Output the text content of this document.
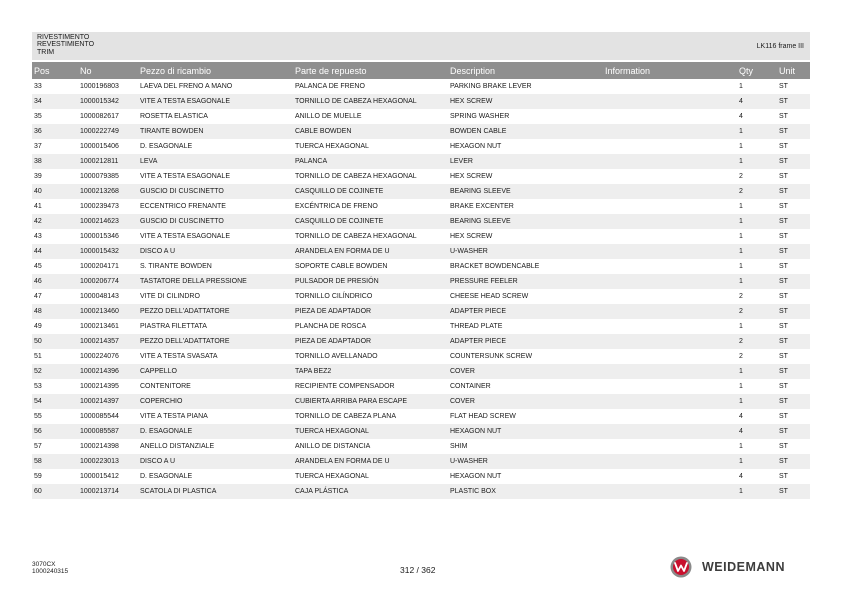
RIVESTIMENTO
REVESTIMIENTO
TRIM
LK116 frame III
Pos	No	Pezzo di ricambio	Parte de repuesto	Description	Information	Qty	Unit
33	1000196803	LAEVA DEL FRENO A MANO	PALANCA DE FRENO	PARKING BRAKE LEVER		1	ST
34	1000015342	VITE A TESTA ESAGONALE	TORNILLO DE CABEZA HEXAGONAL	HEX SCREW		4	ST
35	1000082617	ROSETTA ELASTICA	ANILLO DE MUELLE	SPRING WASHER		4	ST
36	1000222749	TIRANTE BOWDEN	CABLE BOWDEN	BOWDEN CABLE		1	ST
37	1000015406	D. ESAGONALE	TUERCA HEXAGONAL	HEXAGON NUT		1	ST
38	1000212811	LEVA	PALANCA	LEVER		1	ST
39	1000079385	VITE A TESTA ESAGONALE	TORNILLO DE CABEZA HEXAGONAL	HEX SCREW		2	ST
40	1000213268	GUSCIO DI CUSCINETTO	CASQUILLO DE COJINETE	BEARING SLEEVE		2	ST
41	1000239473	ECCENTRICO FRENANTE	EXCÉNTRICA DE FRENO	BRAKE EXCENTER		1	ST
42	1000214623	GUSCIO DI CUSCINETTO	CASQUILLO DE COJINETE	BEARING SLEEVE		1	ST
43	1000015346	VITE A TESTA ESAGONALE	TORNILLO DE CABEZA HEXAGONAL	HEX SCREW		1	ST
44	1000015432	DISCO A U	ARANDELA EN FORMA DE U	U-WASHER		1	ST
45	1000204171	S. TIRANTE BOWDEN	SOPORTE CABLE BOWDEN	BRACKET BOWDENCABLE		1	ST
46	1000206774	TASTATORE DELLA PRESSIONE	PULSADOR DE PRESIÓN	PRESSURE FEELER		1	ST
47	1000048143	VITE DI CILINDRO	TORNILLO CILÍNDRICO	CHEESE HEAD SCREW		2	ST
48	1000213460	PEZZO DELL'ADATTATORE	PIEZA DE ADAPTADOR	ADAPTER PIECE		2	ST
49	1000213461	PIASTRA FILETTATA	PLANCHA DE ROSCA	THREAD PLATE		1	ST
50	1000214357	PEZZO DELL'ADATTATORE	PIEZA DE ADAPTADOR	ADAPTER PIECE		2	ST
51	1000224076	VITE A TESTA SVASATA	TORNILLO AVELLANADO	COUNTERSUNK SCREW		2	ST
52	1000214396	CAPPELLO	TAPA BEZ2	COVER		1	ST
53	1000214395	CONTENITORE	RECIPIENTE COMPENSADOR	CONTAINER		1	ST
54	1000214397	COPERCHIO	CUBIERTA ARRIBA PARA ESCAPE	COVER		1	ST
55	1000085544	VITE A TESTA PIANA	TORNILLO DE CABEZA PLANA	FLAT HEAD SCREW		4	ST
56	1000085587	D. ESAGONALE	TUERCA HEXAGONAL	HEXAGON NUT		4	ST
57	1000214398	ANELLO DISTANZIALE	ANILLO DE DISTANCIA	SHIM		1	ST
58	1000223013	DISCO A U	ARANDELA EN FORMA DE U	U-WASHER		1	ST
59	1000015412	D. ESAGONALE	TUERCA HEXAGONAL	HEXAGON NUT		4	ST
60	1000213714	SCATOLA DI PLASTICA	CAJA PLÁSTICA	PLASTIC BOX		1	ST
3070CX
1000240315	312 / 362	WEIDEMANN
